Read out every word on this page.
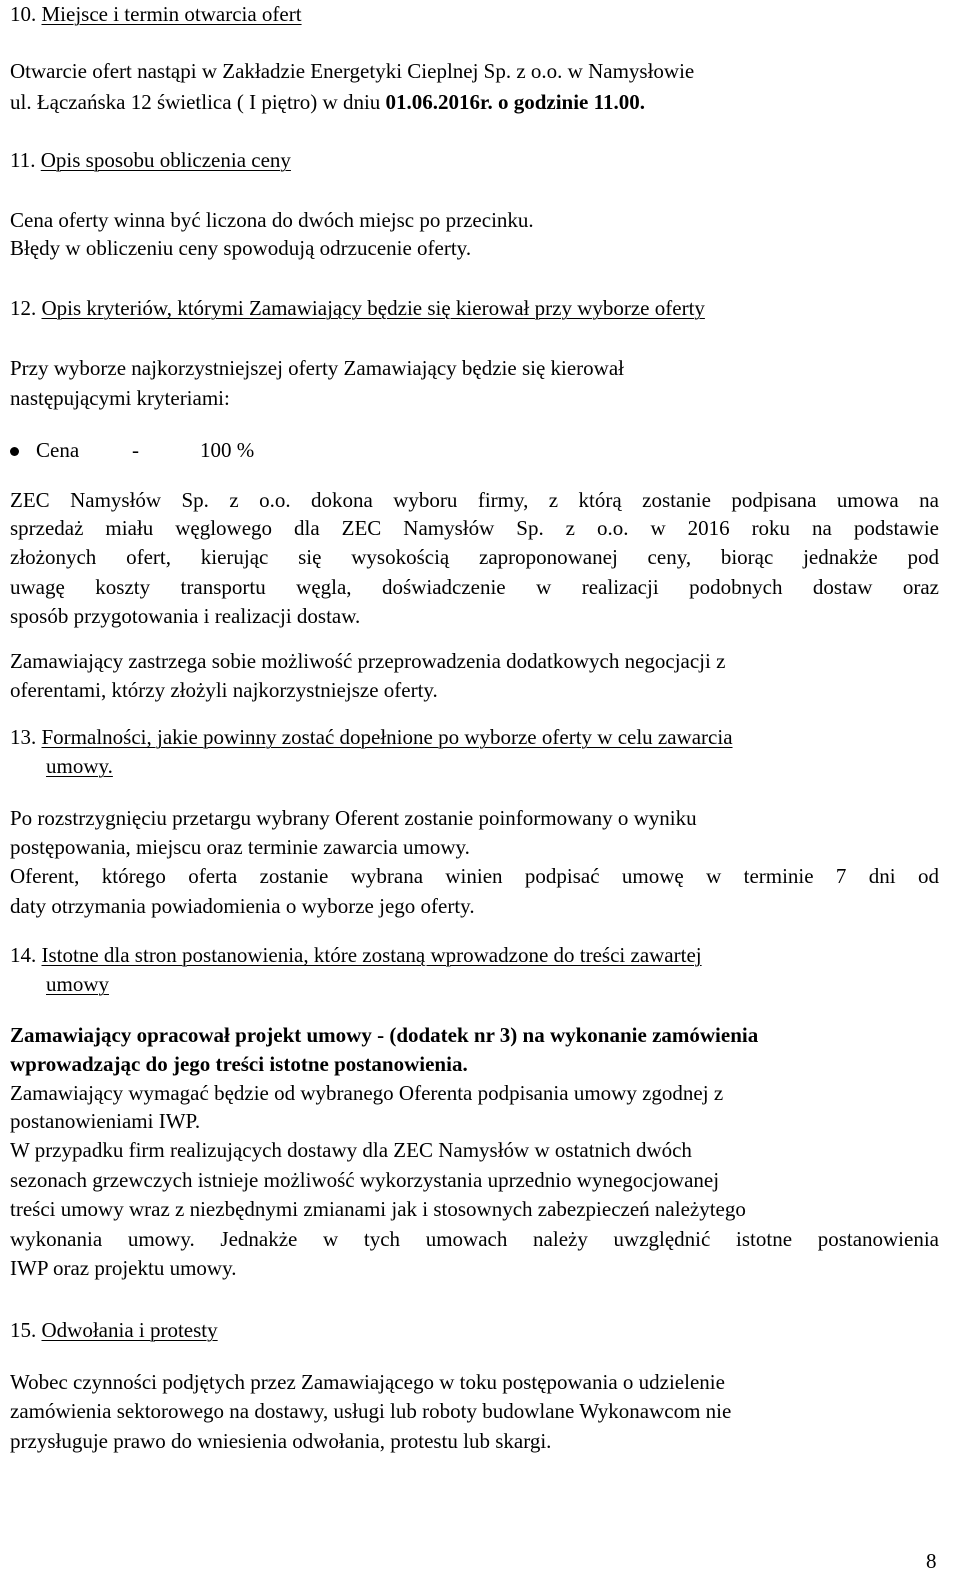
10. Miejsce i termin otwarcia ofert
Otwarcie ofert nastąpi w Zakładzie Energetyki Cieplnej Sp. z o.o. w Namysłowie
ul. Łączańska 12 świetlica ( I piętro) w dniu 01.06.2016r. o godzinie 11.00.
11. Opis sposobu obliczenia ceny
Cena oferty winna być liczona do dwóch miejsc po przecinku.
Błędy w obliczeniu ceny spowodują odrzucenie oferty.
12. Opis kryteriów, którymi Zamawiający będzie się kierował przy wyborze oferty
Przy wyborze najkorzystniejszej oferty Zamawiający będzie się kierował
następującymi kryteriami:
Cena	-	100 %
ZEC Namysłów Sp. z o.o. dokona wyboru firmy, z którą zostanie podpisana umowa na
sprzedaż miału węglowego dla ZEC Namysłów Sp. z o.o. w 2016 roku na podstawie
złożonych ofert, kierując się wysokością zaproponowanej ceny, biorąc jednakże pod
uwagę koszty transportu węgla, doświadczenie w realizacji podobnych dostaw oraz
sposób przygotowania i realizacji dostaw.
Zamawiający zastrzega sobie możliwość przeprowadzenia dodatkowych negocjacji z
oferentami, którzy złożyli najkorzystniejsze oferty.
13. Formalności, jakie powinny zostać dopełnione po wyborze oferty w celu zawarcia
umowy.
Po rozstrzygnięciu przetargu wybrany Oferent zostanie poinformowany o wyniku
postępowania, miejscu oraz terminie zawarcia umowy.
Oferent, którego oferta zostanie wybrana winien podpisać umowę w terminie 7 dni od
daty otrzymania powiadomienia o wyborze jego oferty.
14. Istotne dla stron postanowienia, które zostaną wprowadzone do treści zawartej
umowy
Zamawiający opracował projekt umowy - (dodatek nr 3) na wykonanie zamówienia
wprowadzając do jego treści istotne postanowienia.
Zamawiający wymagać będzie od wybranego Oferenta podpisania umowy zgodnej z
postanowieniami IWP.
W przypadku firm realizujących dostawy dla ZEC Namysłów w ostatnich dwóch
sezonach grzewczych istnieje możliwość wykorzystania uprzednio wynegocjowanej
treści umowy wraz z niezbędnymi zmianami jak i stosownych zabezpieczeń należytego
wykonania umowy. Jednakże w tych umowach należy uwzględnić istotne postanowienia
IWP oraz projektu umowy.
15. Odwołania i protesty
Wobec czynności podjętych przez Zamawiającego w toku postępowania o udzielenie
zamówienia sektorowego na dostawy, usługi lub roboty budowlane Wykonawcom nie
przysługuje prawo do wniesienia odwołania, protestu lub skargi.
8
